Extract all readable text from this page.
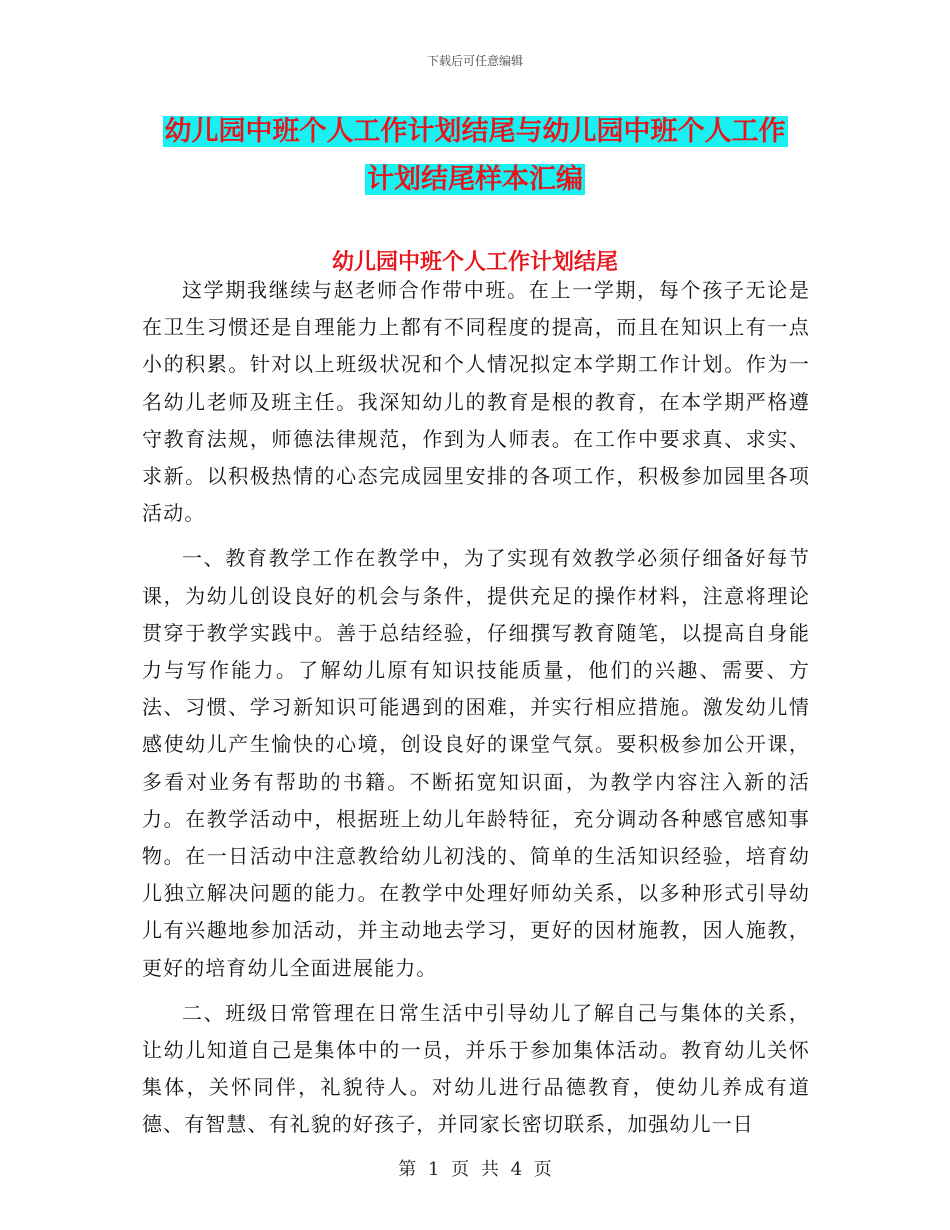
下载后可任意编辑
幼儿园中班个人工作计划结尾与幼儿园中班个人工作
计划结尾样本汇编
幼儿园中班个人工作计划结尾

这学期我继续与赵老师合作带中班。在上一学期，每个孩子无论是在卫生习惯还是自理能力上都有不同程度的提高，而且在知识上有一点小的积累。针对以上班级状况和个人情况拟定本学期工作计划。作为一名幼儿老师及班主任。我深知幼儿的教育是根的教育，在本学期严格遵守教育法规，师德法律规范，作到为人师表。在工作中要求真、求实、求新。以积极热情的心态完成园里安排的各项工作，积极参加园里各项活动。

一、教育教学工作在教学中，为了实现有效教学必须仔细备好每节课，为幼儿创设良好的机会与条件，提供充足的操作材料，注意将理论贯穿于教学实践中。善于总结经验，仔细撰写教育随笔，以提高自身能力与写作能力。了解幼儿原有知识技能质量，他们的兴趣、需要、方法、习惯、学习新知识可能遇到的困难，并实行相应措施。激发幼儿情感使幼儿产生愉快的心境，创设良好的课堂气氛。要积极参加公开课，多看对业务有帮助的书籍。不断拓宽知识面，为教学内容注入新的活力。在教学活动中，根据班上幼儿年龄特征，充分调动各种感官感知事物。在一日活动中注意教给幼儿初浅的、简单的生活知识经验，培育幼儿独立解决问题的能力。在教学中处理好师幼关系，以多种形式引导幼儿有兴趣地参加活动，并主动地去学习，更好的因材施教，因人施教，更好的培育幼儿全面进展能力。

二、班级日常管理在日常生活中引导幼儿了解自己与集体的关系，让幼儿知道自己是集体中的一员，并乐于参加集体活动。教育幼儿关怀集体，关怀同伴，礼貌待人。对幼儿进行品德教育，使幼儿养成有道德、有智慧、有礼貌的好孩子，并同家长密切联系，加强幼儿一日

第 1 页 共 4 页
